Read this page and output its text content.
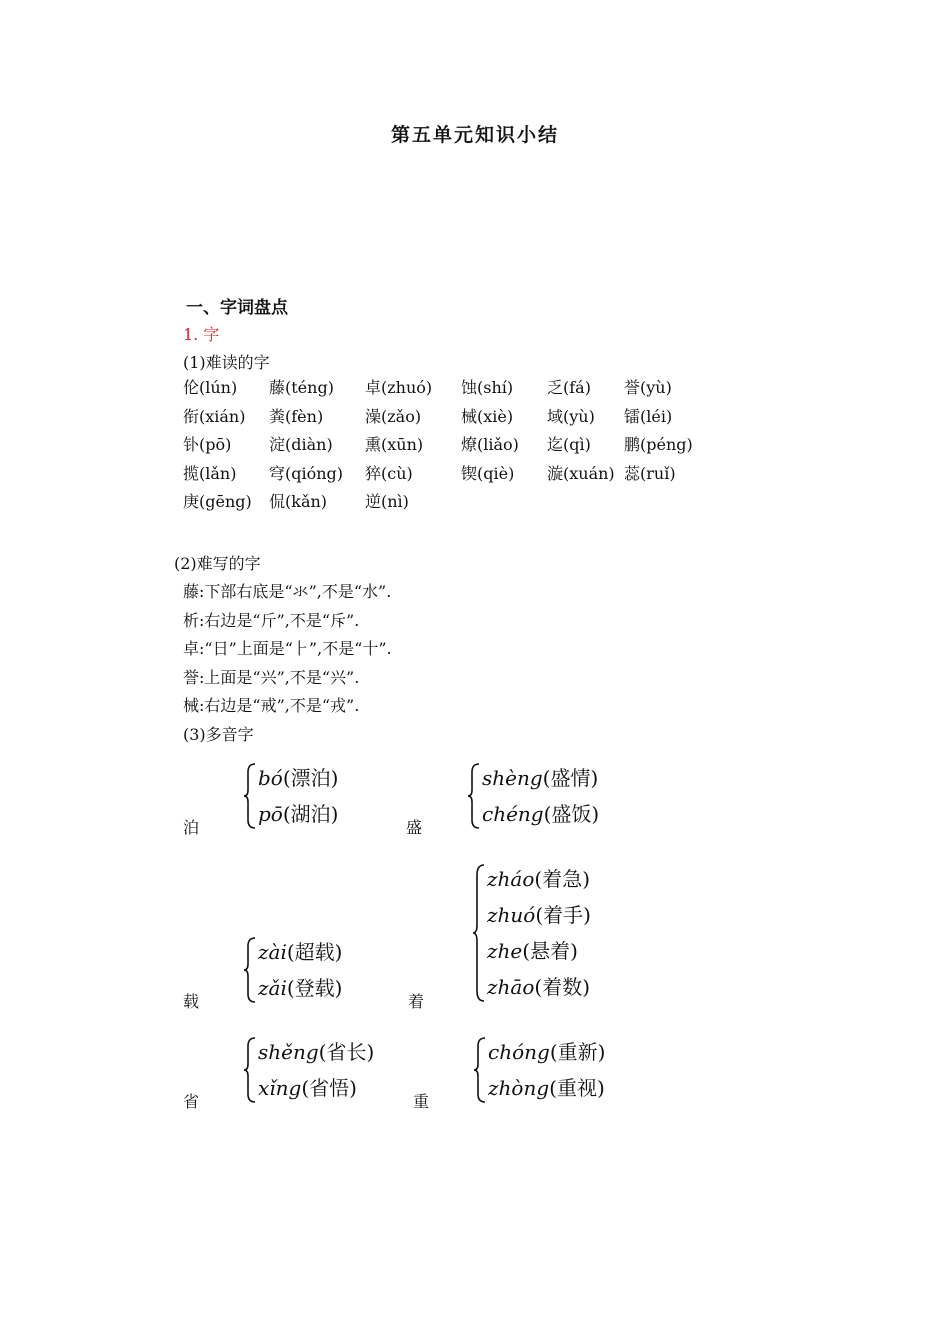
第五单元知识小结
一、字词盘点
1. 字
(1)难读的字
伦(lún)	藤(téng)	卓(zhuó)	蚀(shí)	乏(fá)	誉(yù)
衔(xián)	粪(fèn)	澡(zǎo)	械(xiè)	域(yù)	镭(léi)
钋(pō)	淀(diàn)	熏(xūn)	燎(liǎo)	迄(qì)	鹏(péng)
揽(lǎn)	穹(qióng)	猝(cù)	锲(qiè)	漩(xuán) 蕊(ruǐ)
庚(gēng)	侃(kǎn)	逆(nì)
(2)难写的字
藤:下部右底是“氺”,不是“水”.
析:右边是“斤”,不是“斥”.
卓:“日”上面是“⺊”,不是“十”.
誉:上面是“兴”,不是“兴”.
械:右边是“戒”,不是“戎”.
(3)多音字
泊
bó(漂泊)
pō(湖泊)
盛
shèng(盛情)
chéng(盛饭)
载
zài(超载)
zǎi(登载)
着
zháo(着急)
zhuó(着手)
zhe(悬着)
zhāo(着数)
省
shěng(省长)
xǐng(省悟)
重
chóng(重新)
zhòng(重视)
